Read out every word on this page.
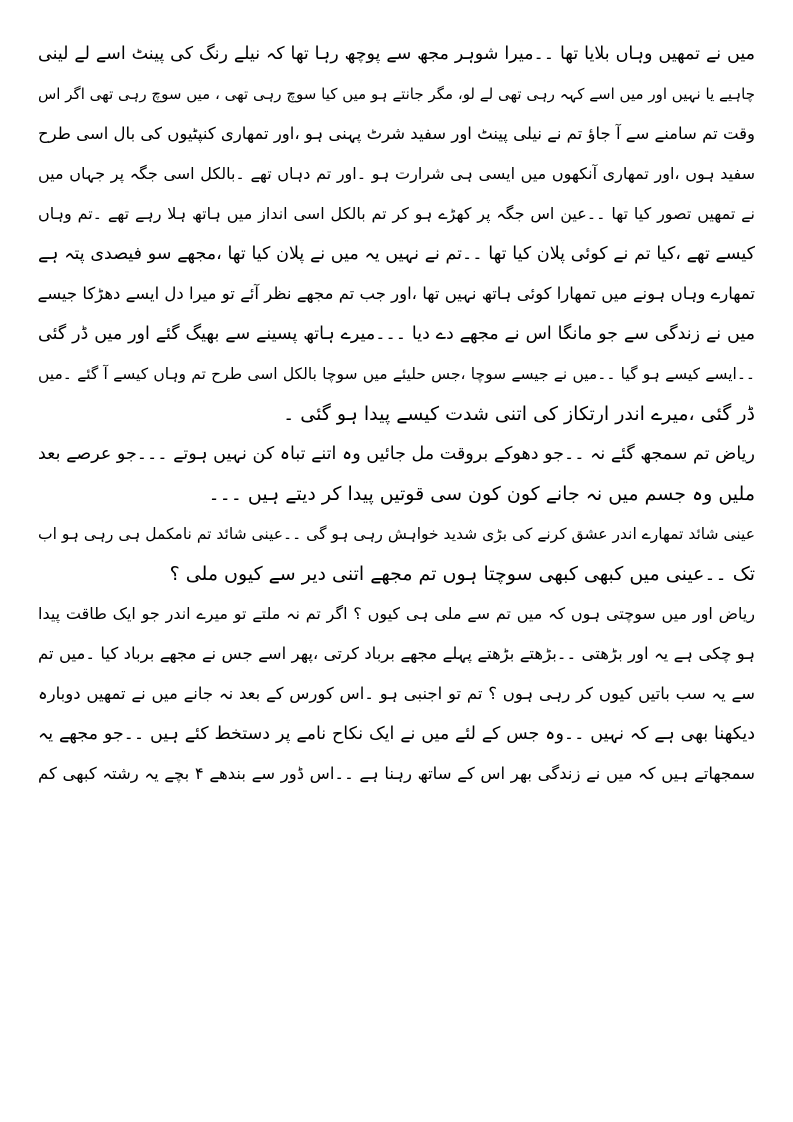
میں نے تمھیں وہاں بلایا تھا ۔۔میرا شوہر مجھ سے پوچھ رہا تھا کہ نیلے رنگ کی پینٹ اسے لے لینی
چاہیے یا نہیں اور میں اسے کہہ رہی تھی لے لو، مگر جانتے ہو میں کیا سوچ رہی تھی ، میں سوچ رہی تھی اگر اس
وقت تم سامنے سے آ جاؤ تم نے نیلی پینٹ اور سفید شرٹ پہنی ہو ،اور تمھاری کنپٹیوں کی بال اسی طرح
سفید ہوں ،اور تمھاری آنکھوں میں ایسی ہی شرارت ہو ۔اور تم دہاں تھے ۔بالکل اسی جگہ پر جہاں میں
نے تمھیں تصور کیا تھا ۔۔عین اس جگہ پر کھڑے ہو کر تم بالکل اسی انداز میں ہاتھ ہلا رہے تھے ۔تم وہاں
کیسے تھے ،کیا تم نے کوئی پلان کیا تھا ۔۔تم نے نہیں یہ میں نے پلان کیا تھا ،مجھے سو فیصدی پتہ ہے
تمھارے وہاں ہونے میں تمھارا کوئی ہاتھ نہیں تھا ،اور جب تم مجھے نظر آئے تو میرا دل ایسے دھڑکا جیسے
میں نے زندگی سے جو مانگا اس نے مجھے دے دیا ۔۔۔میرے ہاتھ پسینے سے بھیگ گئے اور میں ڈر گئی
۔۔ایسے کیسے ہو گیا ۔۔میں نے جیسے سوچا ،جس حلیئے میں سوچا بالکل اسی طرح تم وہاں کیسے آ گئے ۔میں
ڈر گئی ،میرے اندر ارتکاز کی اتنی شدت کیسے پیدا ہو گئی ۔
ریاض تم سمجھ گئے نہ ۔۔جو دھوکے بروقت مل جائیں وہ اتنے تباہ کن نہیں ہوتے ۔۔۔جو عرصے بعد
ملیں وہ جسم میں نہ جانے کون کون سی قوتیں پیدا کر دیتے ہیں ۔۔۔
عینی شائد تمھارے اندر عشق کرنے کی بڑی شدید خواہش رہی ہو گی ۔۔عینی شائد تم نامکمل ہی رہی ہو اب
تک ۔۔عینی میں کبھی کبھی سوچتا ہوں تم مجھے اتنی دیر سے کیوں ملی ؟
ریاض اور میں سوچتی ہوں کہ میں تم سے ملی ہی کیوں ؟ اگر تم نہ ملتے تو میرے اندر جو ایک طاقت پیدا
ہو چکی ہے یہ اور بڑھتی ۔۔بڑھتے بڑھتے پہلے مجھے برباد کرتی ،پھر اسے جس نے مجھے برباد کیا ۔میں تم
سے یہ سب باتیں کیوں کر رہی ہوں ؟ تم تو اجنبی ہو ۔اس کورس کے بعد نہ جانے میں نے تمھیں دوبارہ
دیکھنا بھی ہے کہ نہیں ۔۔وہ جس کے لئے میں نے ایک نکاح نامے پر دستخط کئے ہیں ۔۔جو مجھے یہ
سمجھاتے ہیں کہ میں نے زندگی بھر اس کے ساتھ رہنا ہے ۔۔اس ڈور سے بندھے ۴ بچے یہ رشتہ کبھی کم
